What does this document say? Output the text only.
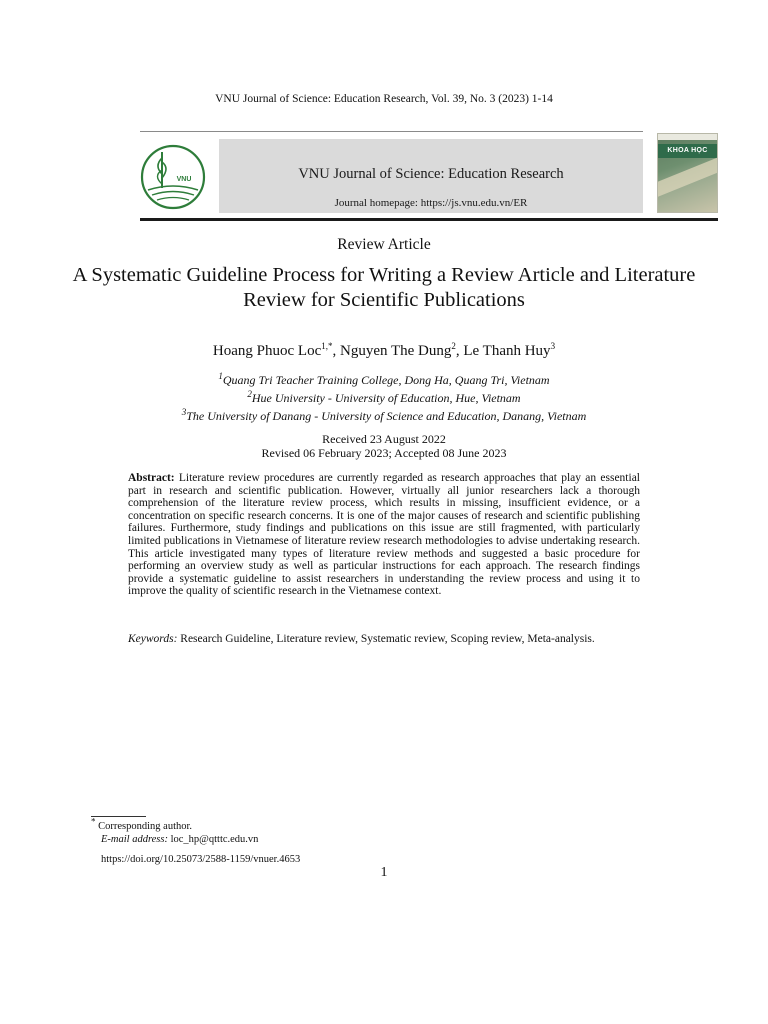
VNU Journal of Science: Education Research, Vol. 39, No. 3 (2023) 1-14
VNU	VNU Journal of Science: Education Research
Journal homepage: https://js.vnu.edu.vn/ER
KHOA HỌC
Review Article
A Systematic Guideline Process for Writing a Review Article and Literature Review for Scientific Publications
Hoang Phuoc Loc$^{1,*}$, Nguyen The Dung$^2$, Le Thanh Huy$^3$
$^1$Quang Tri Teacher Training College, Dong Ha, Quang Tri, Vietnam
$^2$Hue University - University of Education, Hue, Vietnam
$^3$The University of Danang - University of Science and Education, Danang, Vietnam
Received 23 August 2022
Revised 06 February 2023; Accepted 08 June 2023
Abstract: Literature review procedures are currently regarded as research approaches that play an essential part in research and scientific publication. However, virtually all junior researchers lack a thorough comprehension of the literature review process, which results in missing, insufficient evidence, or a concentration on specific research concerns. It is one of the major causes of research and scientific publishing failures. Furthermore, study findings and publications on this issue are still fragmented, with particularly limited publications in Vietnamese of literature review research methodologies to advise undertaking research. This article investigated many types of literature review methods and suggested a basic procedure for performing an overview study as well as particular instructions for each approach. The research findings provide a systematic guideline to assist researchers in understanding the review process and using it to improve the quality of scientific research in the Vietnamese context.
Keywords: Research Guideline, Literature review, Systematic review, Scoping review, Meta-analysis.
* Corresponding author.
E-mail address: loc_hp@qtttc.edu.vn
https://doi.org/10.25073/2588-1159/vnuer.4653
1
